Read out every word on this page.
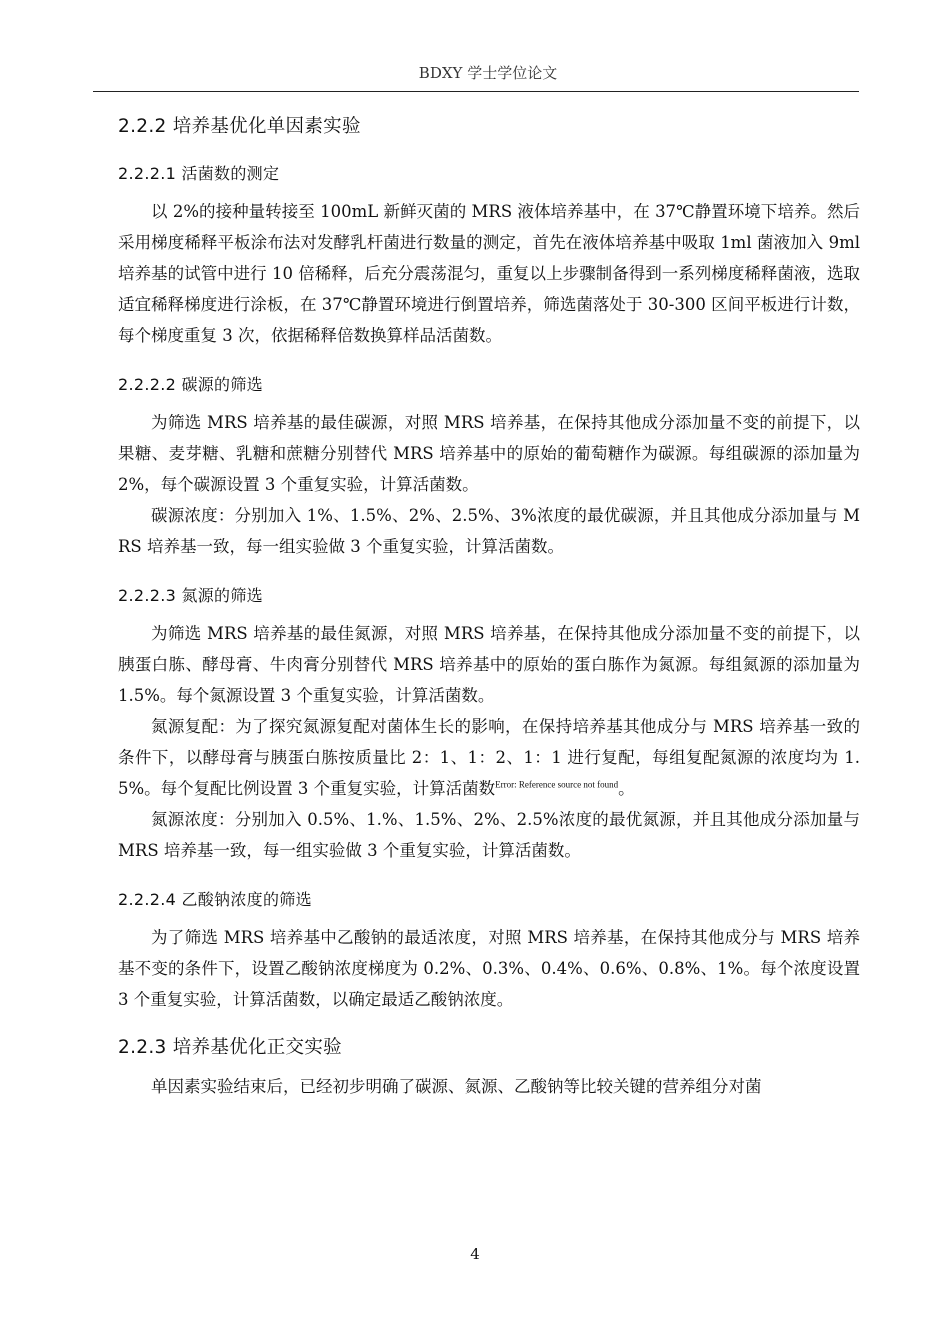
BDXY 学士学位论文
2.2.2 培养基优化单因素实验
2.2.2.1 活菌数的测定

以 2%的接种量转接至 100mL 新鲜灭菌的 MRS 液体培养基中，在 37℃静置环境下培养。然后采用梯度稀释平板涂布法对发酵乳杆菌进行数量的测定，首先在液体培养基中吸取 1ml 菌液加入 9ml 培养基的试管中进行 10 倍稀释，后充分震荡混匀，重复以上步骤制备得到一系列梯度稀释菌液，选取适宜稀释梯度进行涂板，在 37℃静置环境进行倒置培养，筛选菌落处于 30-300 区间平板进行计数，每个梯度重复 3 次，依据稀释倍数换算样品活菌数。

2.2.2.2 碳源的筛选

为筛选 MRS 培养基的最佳碳源，对照 MRS 培养基，在保持其他成分添加量不变的前提下，以果糖、麦芽糖、乳糖和蔗糖分别替代 MRS 培养基中的原始的葡萄糖作为碳源。每组碳源的添加量为 2%，每个碳源设置 3 个重复实验，计算活菌数。

碳源浓度：分别加入 1%、1.5%、2%、2.5%、3%浓度的最优碳源，并且其他成分添加量与 MRS 培养基一致，每一组实验做 3 个重复实验，计算活菌数。

2.2.2.3 氮源的筛选

为筛选 MRS 培养基的最佳氮源，对照 MRS 培养基，在保持其他成分添加量不变的前提下，以胰蛋白胨、酵母膏、牛肉膏分别替代 MRS 培养基中的原始的蛋白胨作为氮源。每组氮源的添加量为 1.5%。每个氮源设置 3 个重复实验，计算活菌数。

氮源复配：为了探究氮源复配对菌体生长的影响，在保持培养基其他成分与 MRS 培养基一致的条件下，以酵母膏与胰蛋白胨按质量比 2：1、1：2、1：1 进行复配，每组复配氮源的浓度均为 1.5%。每个复配比例设置 3 个重复实验，计算活菌数$^{Error: Reference source not found}$。

氮源浓度：分别加入 0.5%、1.%、1.5%、2%、2.5%浓度的最优氮源，并且其他成分添加量与 MRS 培养基一致，每一组实验做 3 个重复实验，计算活菌数。

2.2.2.4 乙酸钠浓度的筛选

为了筛选 MRS 培养基中乙酸钠的最适浓度，对照 MRS 培养基，在保持其他成分与 MRS 培养基不变的条件下，设置乙酸钠浓度梯度为 0.2%、0.3%、0.4%、0.6%、0.8%、1%。每个浓度设置 3 个重复实验，计算活菌数，以确定最适乙酸钠浓度。

2.2.3 培养基优化正交实验

单因素实验结束后，已经初步明确了碳源、氮源、乙酸钠等比较关键的营养组分对菌

4
